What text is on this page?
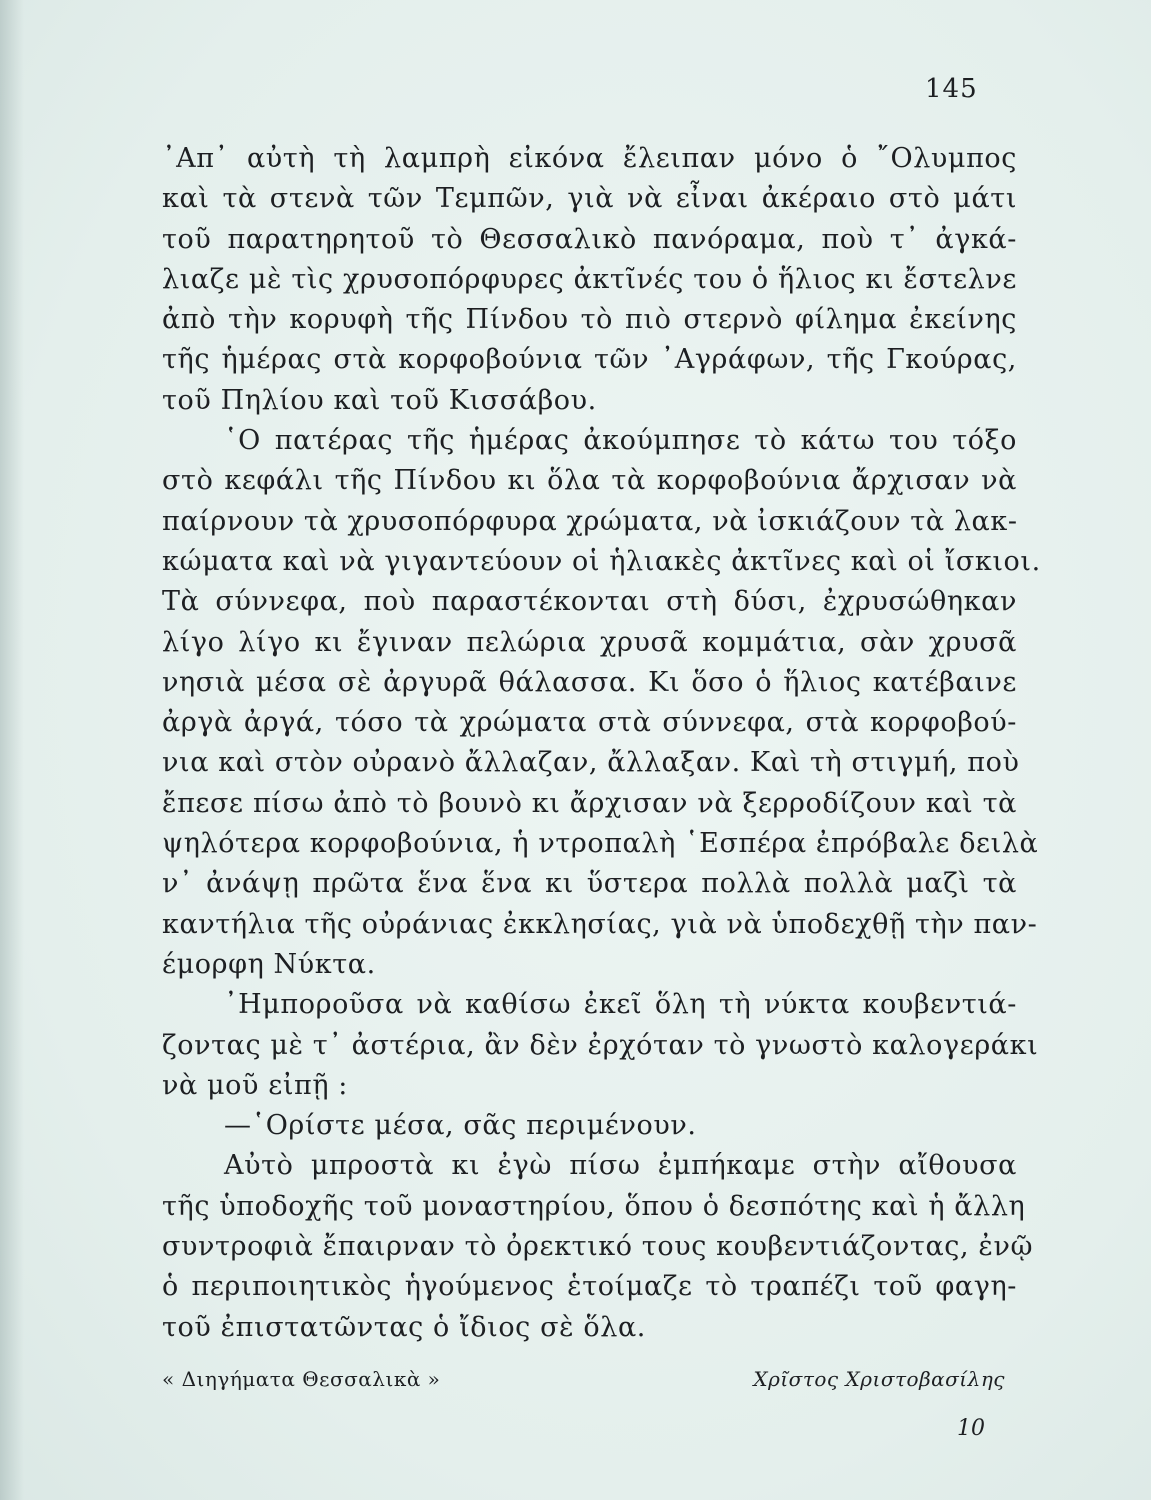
145
᾿Απ᾿ αὐτὴ τὴ λαμπρὴ εἰκόνα ἔλειπαν μόνο ὁ ῎Ολυμπος
καὶ τὰ στενὰ τῶν Τεμπῶν, γιὰ νὰ εἶναι ἀκέραιο στὸ μάτι
τοῦ παρατηρητοῦ τὸ Θεσσαλικὸ πανόραμα, ποὺ τ᾿ ἀγκά-
λιαζε μὲ τὶς χρυσοπόρφυρες ἀκτῖνές του ὁ ἥλιος κι ἔστελνε
ἀπὸ τὴν κορυφὴ τῆς Πίνδου τὸ πιὸ στερνὸ φίλημα ἐκείνης
τῆς ἡμέρας στὰ κορφοβούνια τῶν ᾿Αγράφων, τῆς Γκούρας,
τοῦ Πηλίου καὶ τοῦ Κισσάβου.
῾Ο πατέρας τῆς ἡμέρας ἀκούμπησε τὸ κάτω του τόξο
στὸ κεφάλι τῆς Πίνδου κι ὅλα τὰ κορφοβούνια ἄρχισαν νὰ
παίρνουν τὰ χρυσοπόρφυρα χρώματα, νὰ ἰσκιάζουν τὰ λακ-
κώματα καὶ νὰ γιγαντεύουν οἱ ἡλιακὲς ἀκτῖνες καὶ οἱ ἴσκιοι.
Τὰ σύννεφα, ποὺ παραστέκονται στὴ δύσι, ἐχρυσώθηκαν
λίγο λίγο κι ἔγιναν πελώρια χρυσᾶ κομμάτια, σὰν χρυσᾶ
νησιὰ μέσα σὲ ἀργυρᾶ θάλασσα. Κι ὅσο ὁ ἥλιος κατέβαινε
ἀργὰ ἀργά, τόσο τὰ χρώματα στὰ σύννεφα, στὰ κορφοβού-
νια καὶ στὸν οὐρανὸ ἄλλαζαν, ἄλλαξαν. Καὶ τὴ στιγμή, ποὺ
ἔπεσε πίσω ἀπὸ τὸ βουνὸ κι ἄρχισαν νὰ ξερροδίζουν καὶ τὰ
ψηλότερα κορφοβούνια, ἡ ντροπαλὴ ῾Εσπέρα ἐπρόβαλε δειλὰ
ν᾿ ἀνάψῃ πρῶτα ἕνα ἕνα κι ὕστερα πολλὰ πολλὰ μαζὶ τὰ
καντήλια τῆς οὐράνιας ἐκκλησίας, γιὰ νὰ ὑποδεχθῇ τὴν παν-
έμορφη Νύκτα.
᾿Ημποροῦσα νὰ καθίσω ἐκεῖ ὅλη τὴ νύκτα κουβεντιά-
ζοντας μὲ τ᾿ ἀστέρια, ἂν δὲν ἐρχόταν τὸ γνωστὸ καλογεράκι
νὰ μοῦ εἰπῇ :
—῾Ορίστε μέσα, σᾶς περιμένουν.
Αὐτὸ μπροστὰ κι ἐγὼ πίσω ἐμπήκαμε στὴν αἴθουσα
τῆς ὑποδοχῆς τοῦ μοναστηρίου, ὅπου ὁ δεσπότης καὶ ἡ ἄλλη
συντροφιὰ ἔπαιρναν τὸ ὀρεκτικό τους κουβεντιάζοντας, ἐνῷ
ὁ περιποιητικὸς ἡγούμενος ἑτοίμαζε τὸ τραπέζι τοῦ φαγη-
τοῦ ἐπιστατῶντας ὁ ἴδιος σὲ ὅλα.
« Διηγήματα Θεσσαλικὰ »	Χρῖστος Χριστοβασίλης
10
